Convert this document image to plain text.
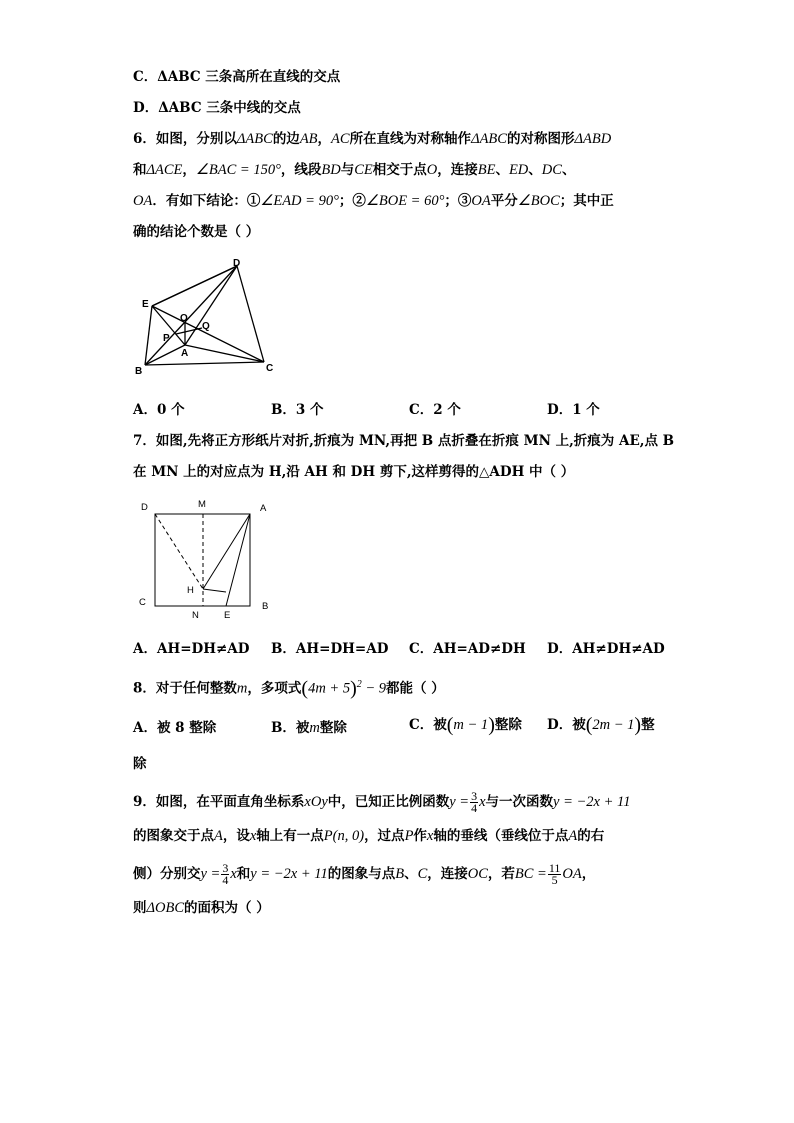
C．ΔABC 三条高所在直线的交点
D．ΔABC 三条中线的交点
6．如图，分别以ΔABC的边AB，AC所在直线为对称轴作ΔABC的对称图形ΔABD
和ΔACE，∠BAC = 150°，线段BD与CE相交于点O，连接BE、ED、DC、
OA．有如下结论：①∠EAD = 90°；②∠BOE = 60°；③OA平分∠BOC；其中正
确的结论个数是（ ）
D
E
O
Q
P
A
B	C
A．0 个	B．3 个	C．2 个	D．1 个
7．如图,先将正方形纸片对折,折痕为 MN,再把 B 点折叠在折痕 MN 上,折痕为 AE,点 B
在 MN 上的对应点为 H,沿 AH 和 DH 剪下,这样剪得的△ADH 中（ ）
D	M	A
H
C
N	E
B
A．AH=DH≠AD B．AH=DH=AD C．AH=AD≠DH D．AH≠DH≠AD
8．对于任何整数m，多项式$(4m + 5)^2 - 9$都能（ ）
A．被 8 整除	B．被m整除	C．被(m − 1)整除 D．被(2m − 1)整
除
9．如图，在平面直角坐标系xOy中，已知正比例函数$y = \frac{3}{4}$ x与一次函数y = −2x + 11
的图象交于点A，设x轴上有一点P(n, 0)，过点P作x轴的垂线（垂线位于点A的右
侧）分别交$y = \frac{3}{4}$ x和y = −2x + 11的图象与点B、C，连接OC，若BC = $\frac{11}{5}$ OA，
则ΔOBC的面积为（ ）
